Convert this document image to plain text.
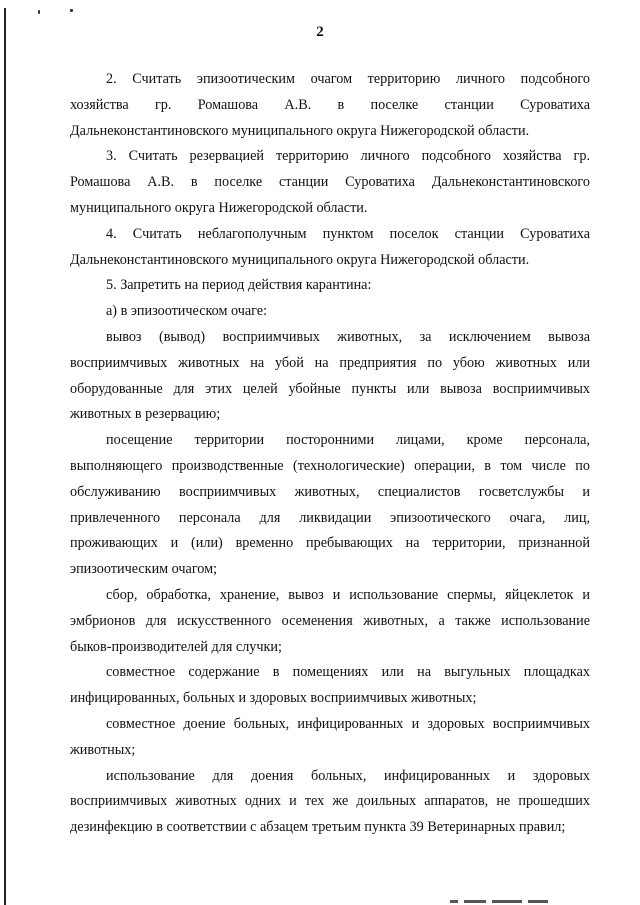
2
2. Считать эпизоотическим очагом территорию личного подсобного
хозяйства гр. Ромашова А.В. в поселке станции Суроватиха
Дальнеконстантиновского муниципального округа Нижегородской области.
3. Считать резервацией территорию личного подсобного хозяйства гр.
Ромашова А.В. в поселке станции Суроватиха Дальнеконстантиновского
муниципального округа Нижегородской области.
4. Считать неблагополучным пунктом поселок станции Суроватиха
Дальнеконстантиновского муниципального округа Нижегородской области.
5. Запретить на период действия карантина:
а) в эпизоотическом очаге:
вывоз (вывод) восприимчивых животных, за исключением вывоза
восприимчивых животных на убой на предприятия по убою животных или
оборудованные для этих целей убойные пункты или вывоза восприимчивых
животных в резервацию;
посещение территории посторонними лицами, кроме персонала,
выполняющего производственные (технологические) операции, в том числе по
обслуживанию восприимчивых животных, специалистов госветслужбы и
привлеченного персонала для ликвидации эпизоотического очага, лиц,
проживающих и (или) временно пребывающих на территории, признанной
эпизоотическим очагом;
сбор, обработка, хранение, вывоз и использование спермы, яйцеклеток и
эмбрионов для искусственного осеменения животных, а также использование
быков-производителей для случки;
совместное содержание в помещениях или на выгульных площадках
инфицированных, больных и здоровых восприимчивых животных;
совместное доение больных, инфицированных и здоровых восприимчивых
животных;
использование для доения больных, инфицированных и здоровых
восприимчивых животных одних и тех же доильных аппаратов, не прошедших
дезинфекцию в соответствии с абзацем третьим пункта 39 Ветеринарных правил;
